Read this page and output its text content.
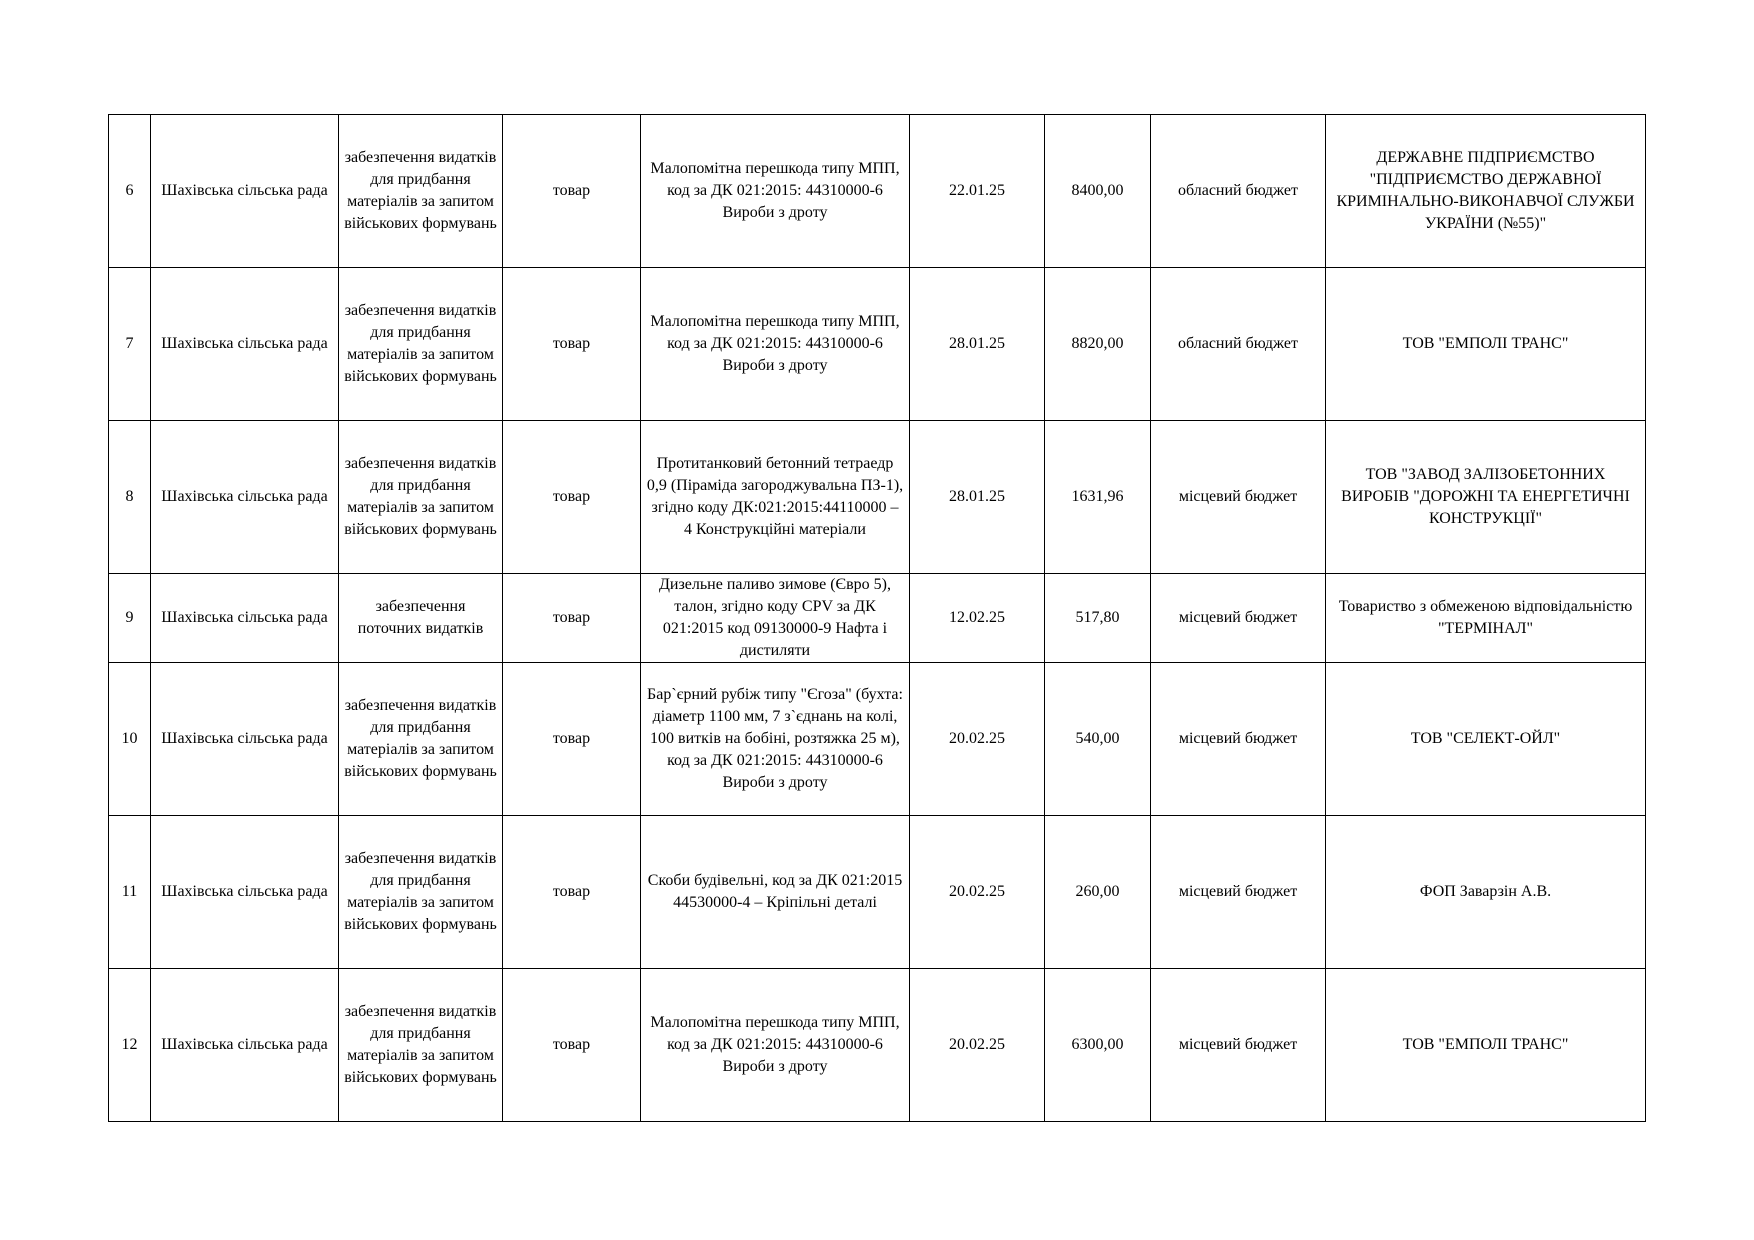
6	Шахівська сільська рада	забезпечення видатків для придбання матеріалів за запитом військових формувань	товар	Малопомітна перешкода типу МПП, код за ДК 021:2015: 44310000-6 Вироби з дроту	22.01.25	8400,00	обласний бюджет	ДЕРЖАВНЕ ПІДПРИЄМСТВО "ПІДПРИЄМСТВО ДЕРЖАВНОЇ КРИМІНАЛЬНО-ВИКОНАВЧОЇ СЛУЖБИ УКРАЇНИ (№55)"
7	Шахівська сільська рада	забезпечення видатків для придбання матеріалів за запитом військових формувань	товар	Малопомітна перешкода типу МПП, код за ДК 021:2015: 44310000-6 Вироби з дроту	28.01.25	8820,00	обласний бюджет	ТОВ "ЕМПОЛІ ТРАНС"
8	Шахівська сільська рада	забезпечення видатків для придбання матеріалів за запитом військових формувань	товар	Протитанковий бетонний тетраедр 0,9 (Піраміда загороджувальна ПЗ-1), згідно коду ДК:021:2015:44110000 – 4 Конструкційні матеріали	28.01.25	1631,96	місцевий бюджет	ТОВ "ЗАВОД ЗАЛІЗОБЕТОННИХ ВИРОБІВ "ДОРОЖНІ ТА ЕНЕРГЕТИЧНІ КОНСТРУКЦІЇ"
9	Шахівська сільська рада	забезпечення поточних видатків	товар	Дизельне паливо зимове (Євро 5), талон, згідно коду CPV за ДК 021:2015 код 09130000-9 Нафта і дистиляти	12.02.25	517,80	місцевий бюджет	Товариство з обмеженою відповідальністю "ТЕРМІНАЛ"
10	Шахівська сільська рада	забезпечення видатків для придбання матеріалів за запитом військових формувань	товар	Бар`єрний рубіж типу "Єгоза" (бухта: діаметр 1100 мм, 7 з`єднань на колі, 100 витків на бобіні, розтяжка 25 м), код за ДК 021:2015: 44310000-6 Вироби з дроту	20.02.25	540,00	місцевий бюджет	ТОВ "СЕЛЕКТ-ОЙЛ"
11	Шахівська сільська рада	забезпечення видатків для придбання матеріалів за запитом військових формувань	товар	Скоби будівельні, код за ДК 021:2015 44530000-4 – Кріпільні деталі	20.02.25	260,00	місцевий бюджет	ФОП Заварзін А.В.
12	Шахівська сільська рада	забезпечення видатків для придбання матеріалів за запитом військових формувань	товар	Малопомітна перешкода типу МПП, код за ДК 021:2015: 44310000-6 Вироби з дроту	20.02.25	6300,00	місцевий бюджет	ТОВ "ЕМПОЛІ ТРАНС"
